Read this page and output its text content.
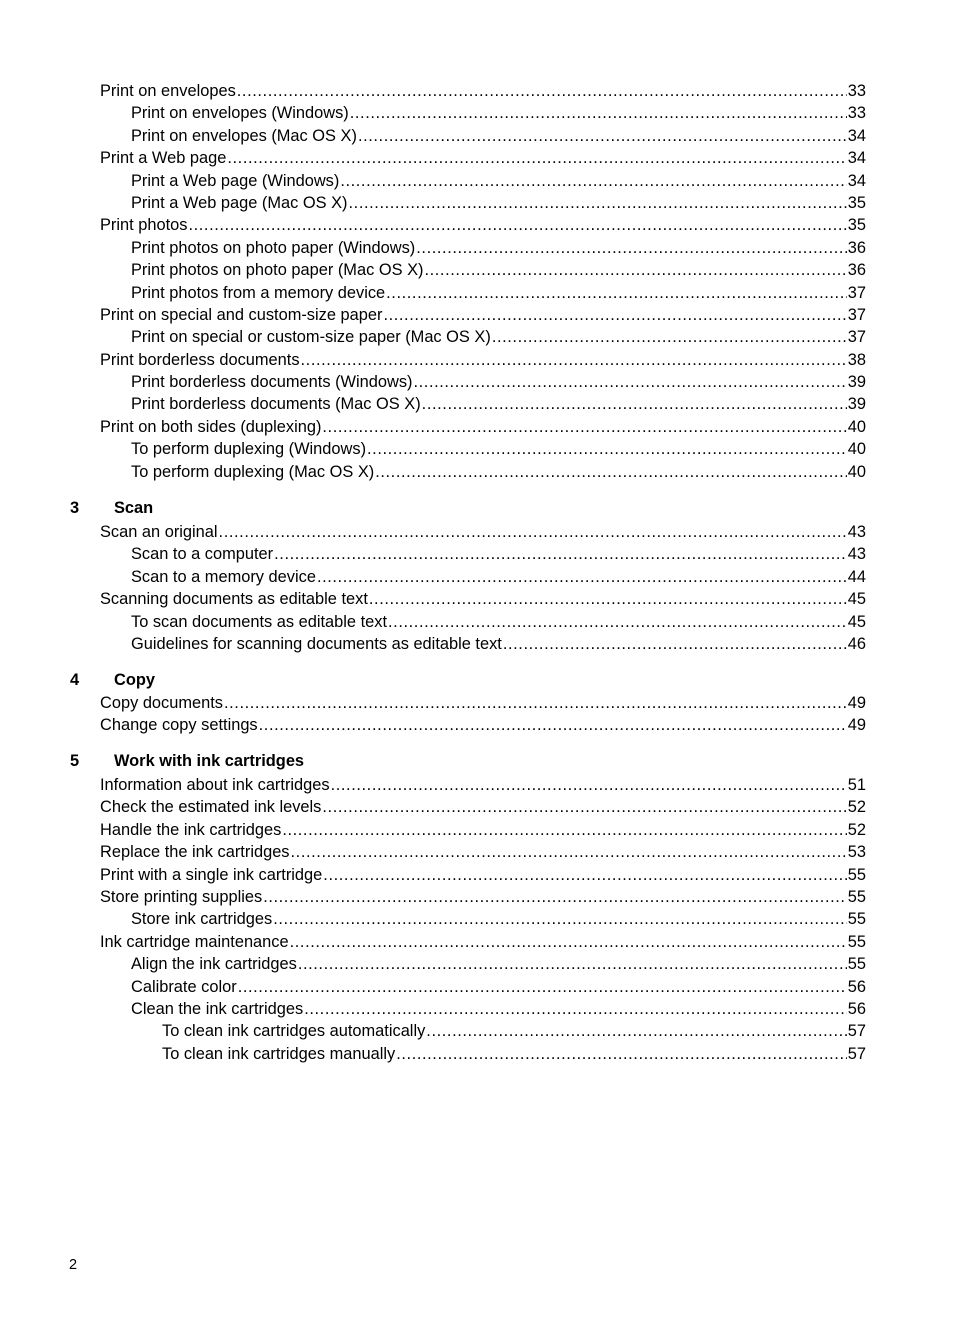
Print on envelopes .....	33
Print on envelopes (Windows) .....	33
Print on envelopes (Mac OS X) .....	34
Print a Web page .....	34
Print a Web page (Windows) .....	34
Print a Web page (Mac OS X) .....	35
Print photos .....	35
Print photos on photo paper (Windows) .....	36
Print photos on photo paper (Mac OS X) .....	36
Print photos from a memory device .....	37
Print on special and custom-size paper .....	37
Print on special or custom-size paper (Mac OS X) .....	37
Print borderless documents .....	38
Print borderless documents (Windows) .....	39
Print borderless documents (Mac OS X) .....	39
Print on both sides (duplexing) .....	40
To perform duplexing (Windows) .....	40
To perform duplexing (Mac OS X) .....	40
3 Scan
Scan an original .....	43
Scan to a computer .....	43
Scan to a memory device .....	44
Scanning documents as editable text .....	45
To scan documents as editable text .....	45
Guidelines for scanning documents as editable text .....	46
4 Copy
Copy documents .....	49
Change copy settings .....	49
5 Work with ink cartridges
Information about ink cartridges .....	51
Check the estimated ink levels .....	52
Handle the ink cartridges .....	52
Replace the ink cartridges .....	53
Print with a single ink cartridge .....	55
Store printing supplies .....	55
Store ink cartridges .....	55
Ink cartridge maintenance .....	55
Align the ink cartridges .....	55
Calibrate color .....	56
Clean the ink cartridges .....	56
To clean ink cartridges automatically .....	57
To clean ink cartridges manually .....	57
2
